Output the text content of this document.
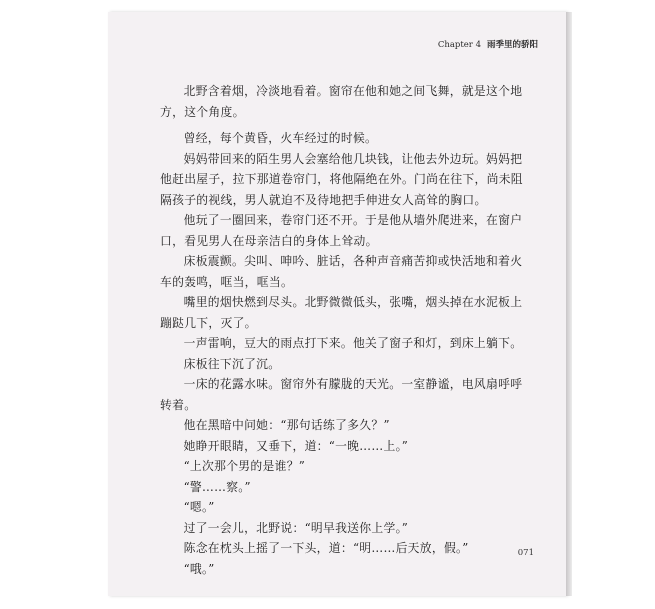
Chapter 4 雨季里的骄阳

北野含着烟，冷淡地看着。窗帘在他和她之间飞舞，就是这个地方，这个角度。

曾经，每个黄昏，火车经过的时候。

妈妈带回来的陌生男人会塞给他几块钱，让他去外边玩。妈妈把他赶出屋子，拉下那道卷帘门，将他隔绝在外。门尚在往下，尚未阻隔孩子的视线，男人就迫不及待地把手伸进女人高耸的胸口。

他玩了一圈回来，卷帘门还不开。于是他从墙外爬进来，在窗户口，看见男人在母亲洁白的身体上耸动。

床板震颤。尖叫、呻吟、脏话，各种声音痛苦抑或快活地和着火车的轰鸣，哐当，哐当。

嘴里的烟快燃到尽头。北野微微低头，张嘴，烟头掉在水泥板上蹦跶几下，灭了。

一声雷响，豆大的雨点打下来。他关了窗子和灯，到床上躺下。

床板往下沉了沉。

一床的花露水味。窗帘外有朦胧的天光。一室静谧，电风扇呼呼转着。

他在黑暗中问她：“那句话练了多久？”

她睁开眼睛，又垂下，道：“一晚……上。”

“上次那个男的是谁？”

“警……察。”

“嗯。”

过了一会儿，北野说：“明早我送你上学。”

陈念在枕头上摇了一下头，道：“明……后天放，假。”

“哦。”

071
